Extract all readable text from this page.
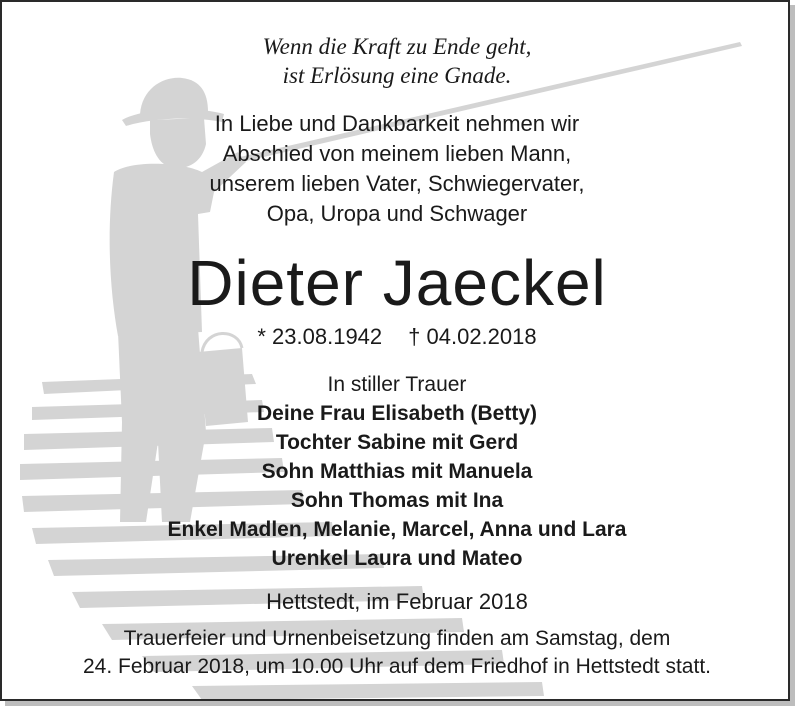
Wenn die Kraft zu Ende geht,
ist Erlösung eine Gnade.
In Liebe und Dankbarkeit nehmen wir
Abschied von meinem lieben Mann,
unserem lieben Vater, Schwiegervater,
Opa, Uropa und Schwager
Dieter Jaeckel
* 23.08.1942 † 04.02.2018
In stiller Trauer
Deine Frau Elisabeth (Betty)
Tochter Sabine mit Gerd
Sohn Matthias mit Manuela
Sohn Thomas mit Ina
Enkel Madlen, Melanie, Marcel, Anna und Lara
Urenkel Laura und Mateo
Hettstedt, im Februar 2018
Trauerfeier und Urnenbeisetzung finden am Samstag, dem
24. Februar 2018, um 10.00 Uhr auf dem Friedhof in Hettstedt statt.
